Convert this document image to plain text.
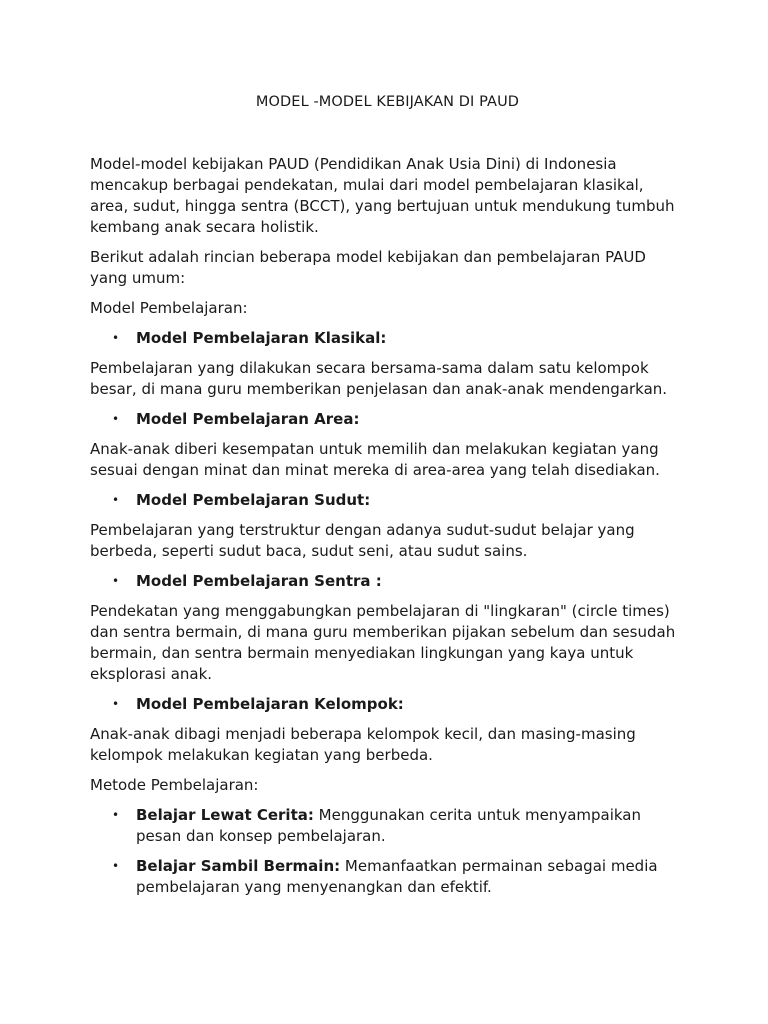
MODEL -MODEL KEBIJAKAN DI PAUD

Model-model kebijakan PAUD (Pendidikan Anak Usia Dini) di Indonesia mencakup berbagai pendekatan, mulai dari model pembelajaran klasikal, area, sudut, hingga sentra (BCCT), yang bertujuan untuk mendukung tumbuh kembang anak secara holistik.

Berikut adalah rincian beberapa model kebijakan dan pembelajaran PAUD yang umum:

Model Pembelajaran:

• Model Pembelajaran Klasikal:

Pembelajaran yang dilakukan secara bersama-sama dalam satu kelompok besar, di mana guru memberikan penjelasan dan anak-anak mendengarkan.

• Model Pembelajaran Area:

Anak-anak diberi kesempatan untuk memilih dan melakukan kegiatan yang sesuai dengan minat dan minat mereka di area-area yang telah disediakan.

• Model Pembelajaran Sudut:

Pembelajaran yang terstruktur dengan adanya sudut-sudut belajar yang berbeda, seperti sudut baca, sudut seni, atau sudut sains.

• Model Pembelajaran Sentra :

Pendekatan yang menggabungkan pembelajaran di "lingkaran" (circle times) dan sentra bermain, di mana guru memberikan pijakan sebelum dan sesudah bermain, dan sentra bermain menyediakan lingkungan yang kaya untuk eksplorasi anak.

• Model Pembelajaran Kelompok:

Anak-anak dibagi menjadi beberapa kelompok kecil, dan masing-masing kelompok melakukan kegiatan yang berbeda.

Metode Pembelajaran:

• Belajar Lewat Cerita: Menggunakan cerita untuk menyampaikan pesan dan konsep pembelajaran.
• Belajar Sambil Bermain: Memanfaatkan permainan sebagai media pembelajaran yang menyenangkan dan efektif.
